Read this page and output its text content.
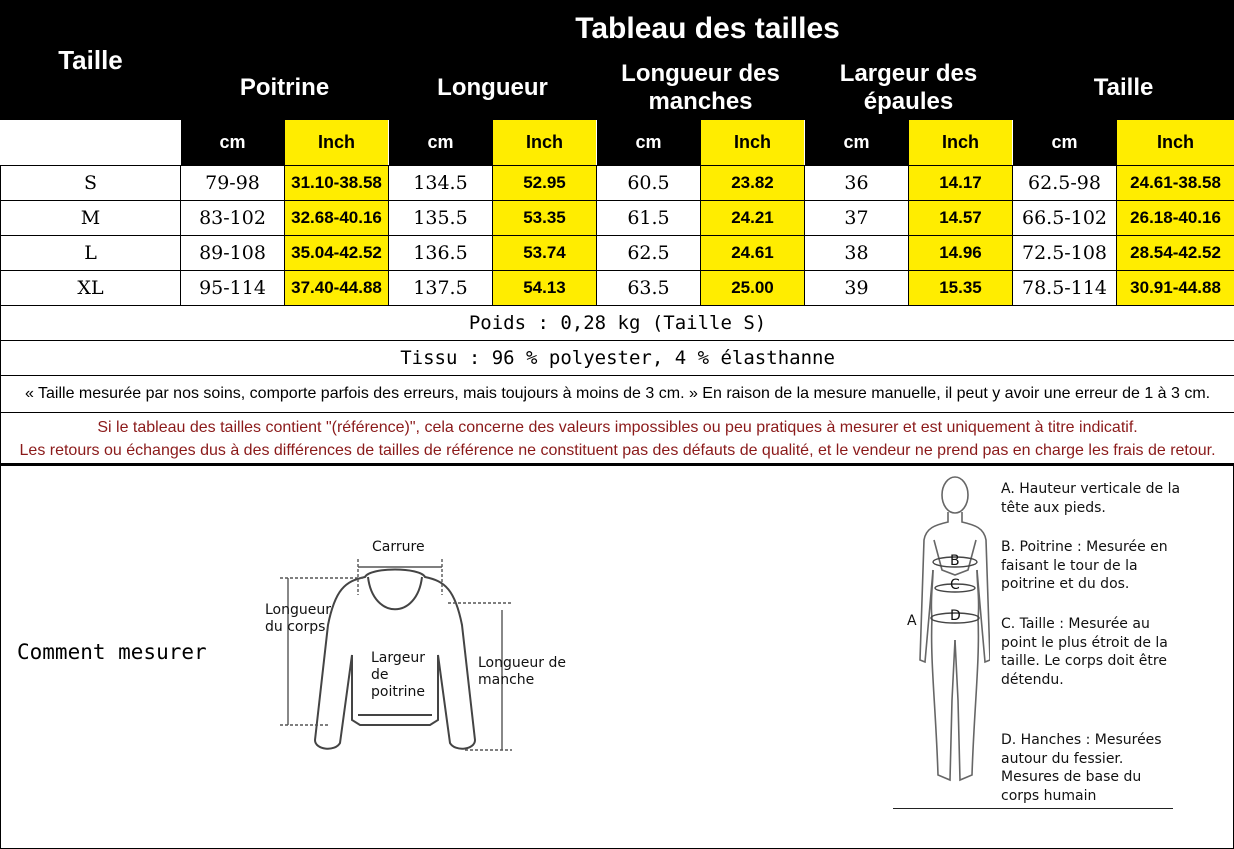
Taille	Tableau des tailles									
	Poitrine		Longueur		Longueur des manches		Largeur des épaules		Taille	
	cm	Inch	cm	Inch	cm	Inch	cm	Inch	cm	Inch
S	79-98	31.10-38.58	134.5	52.95	60.5	23.82	36	14.17	62.5-98	24.61-38.58
M	83-102	32.68-40.16	135.5	53.35	61.5	24.21	37	14.57	66.5-102	26.18-40.16
L	89-108	35.04-42.52	136.5	53.74	62.5	24.61	38	14.96	72.5-108	28.54-42.52
XL	95-114	37.40-44.88	137.5	54.13	63.5	25.00	39	15.35	78.5-114	30.91-44.88
Poids : 0,28 kg (Taille S)										
Tissu : 96 % polyester, 4 % élasthanne										
« Taille mesurée par nos soins, comporte parfois des erreurs, mais toujours à moins de 3 cm. » En raison de la mesure manuelle, il peut y avoir une erreur de 1 à 3 cm.										

Si le tableau des tailles contient "(référence)", cela concerne des valeurs impossibles ou peu pratiques à mesurer et est uniquement à titre indicatif.
Les retours ou échanges dus à des différences de tailles de référence ne constituent pas des défauts de qualité, et le vendeur ne prend pas en charge les frais de retour.										
Comment mesurer
Carrure
Longueur du corps
Largeur de poitrine
Longueur de manche
B
C
D
A
A. Hauteur verticale de la tête aux pieds.
B. Poitrine : Mesurée en faisant le tour de la poitrine et du dos.
C. Taille : Mesurée au point le plus étroit de la taille. Le corps doit être détendu.
D. Hanches : Mesurées autour du fessier. Mesures de base du corps humain
